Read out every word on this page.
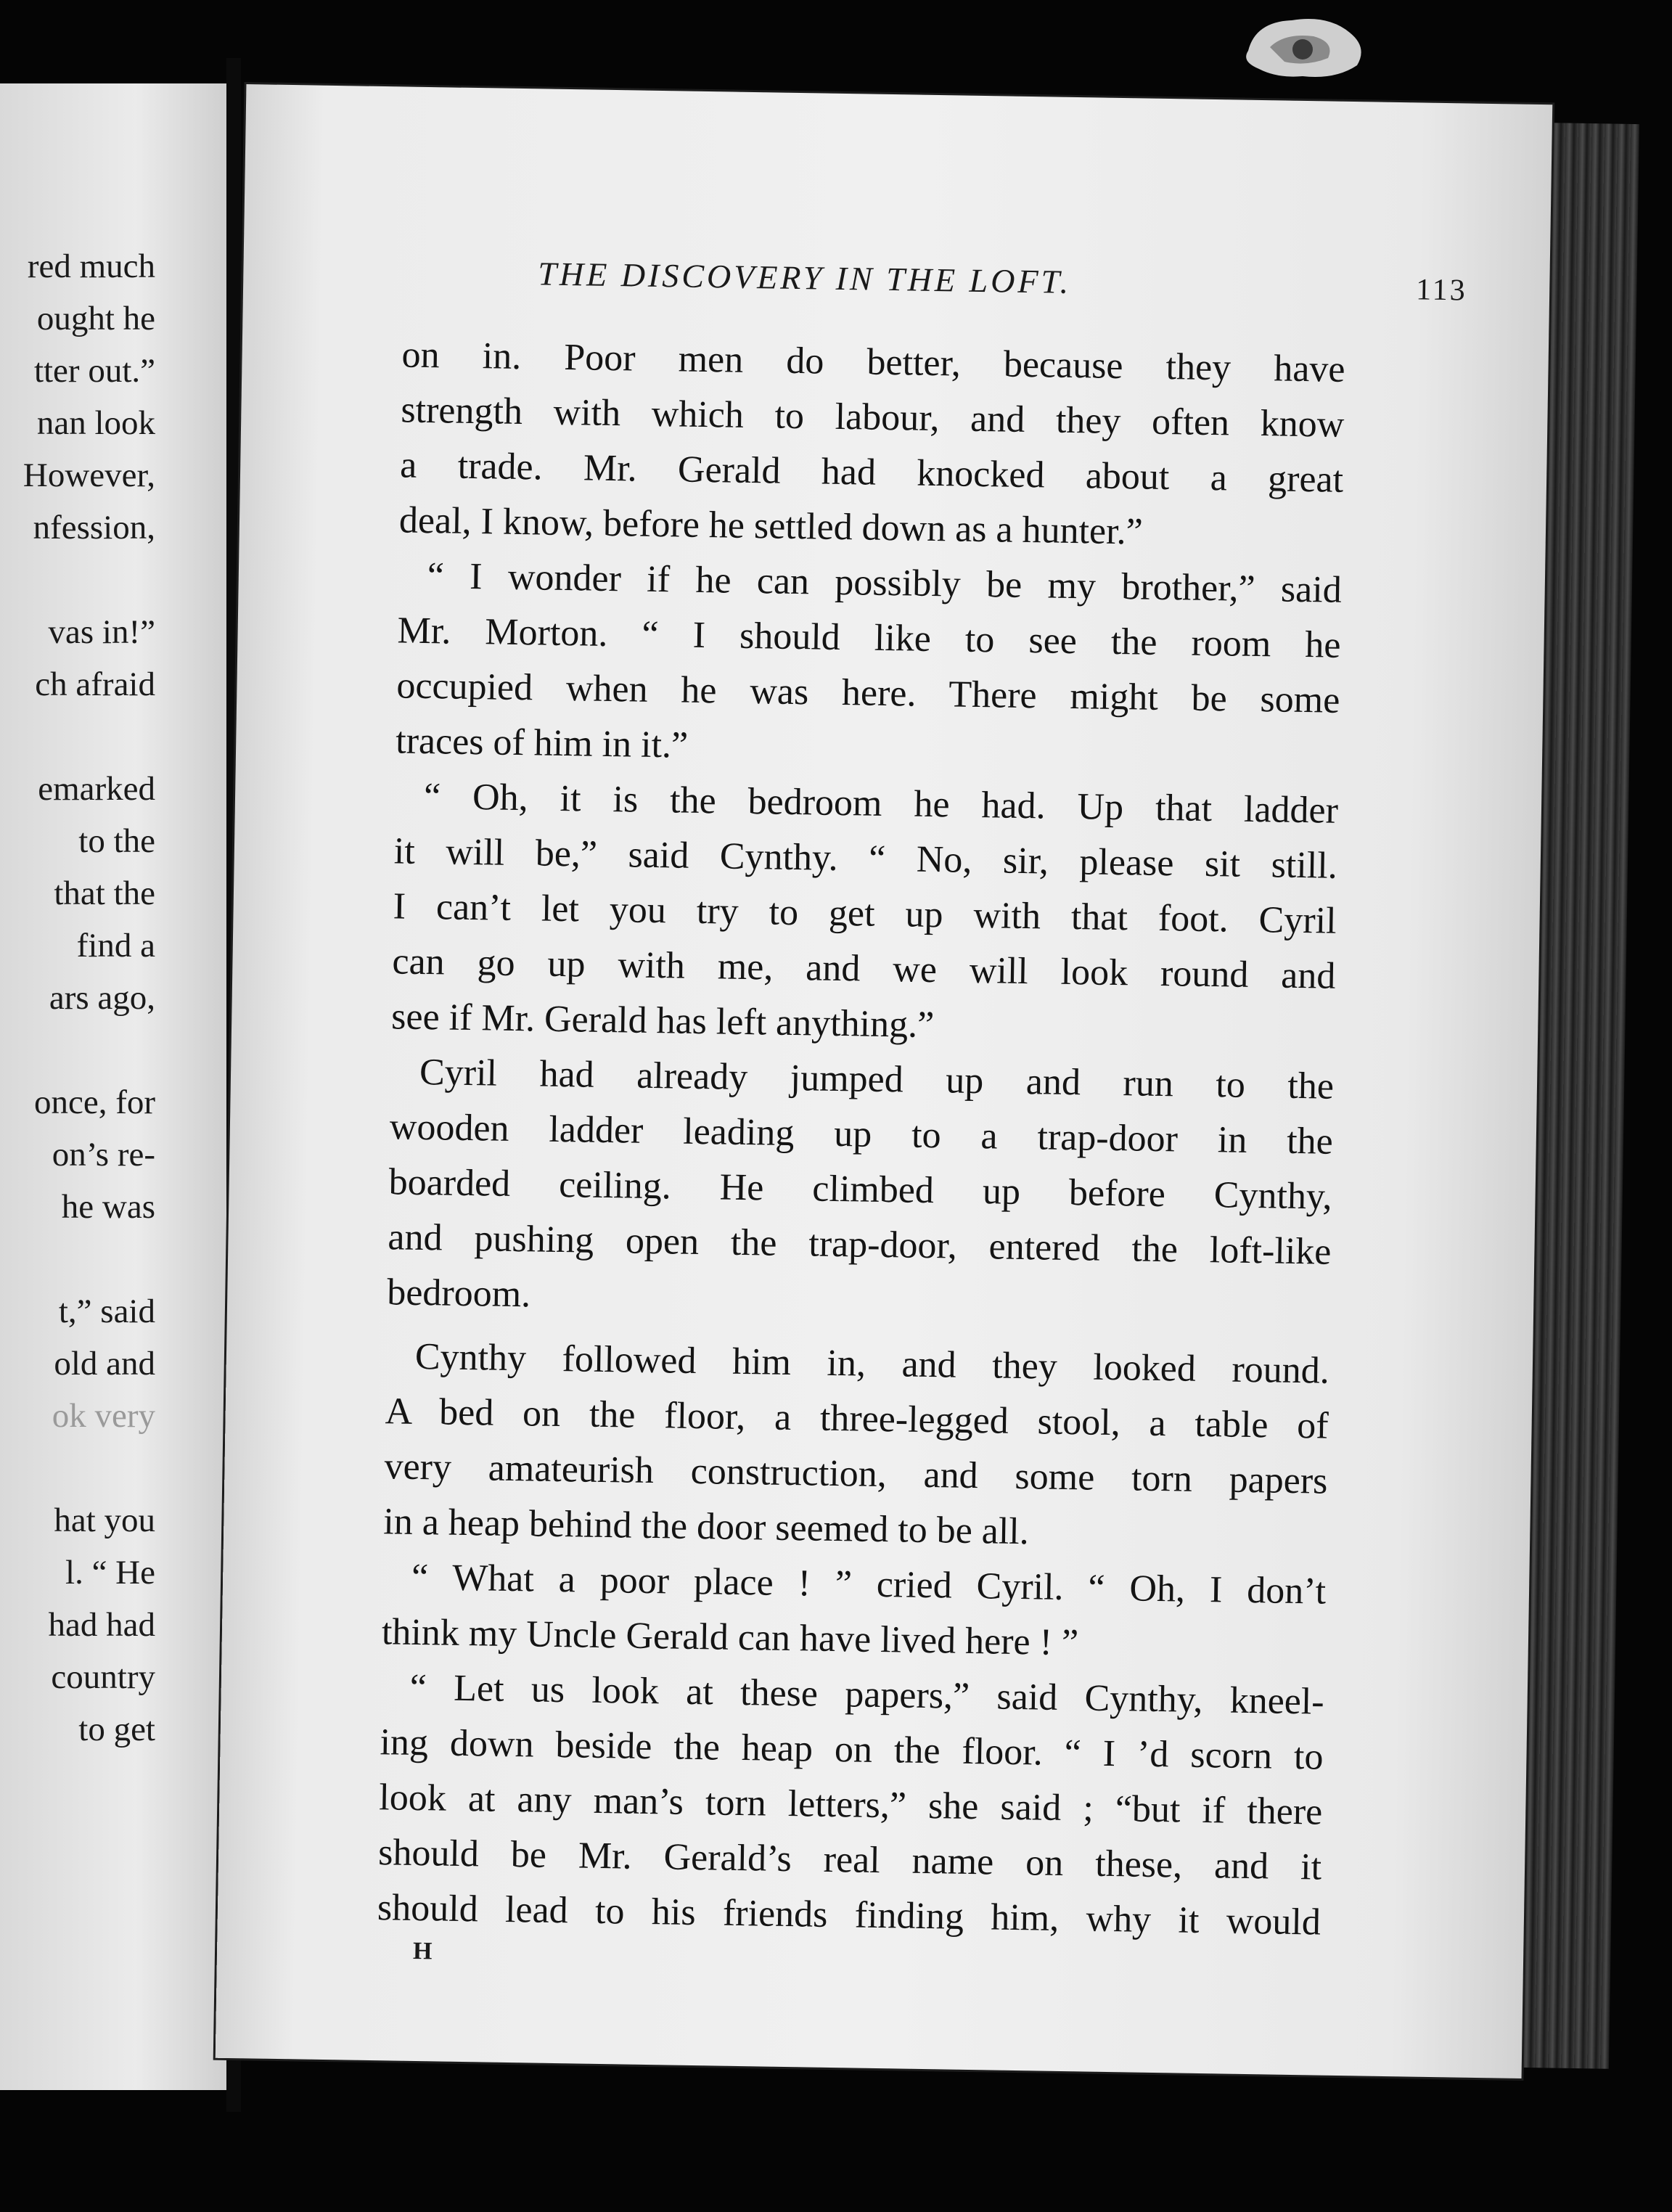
red much
ought he
tter out.”
nan look
However,
nfession,
vas in!”
ch afraid
emarked
to the
that the
find a
ars ago,
once, for
on’s re-
he was
t,” said
old and
ok very
hat you
l. “ He
had had
country
to get
THE DISCOVERY IN THE LOFT.	113
on in. Poor men do better, because they have
strength with which to labour, and they often know
a trade. Mr. Gerald had knocked about a great
deal, I know, before he settled down as a hunter.”
“ I wonder if he can possibly be my brother,” said
Mr. Morton. “ I should like to see the room he
occupied when he was here. There might be some
traces of him in it.”
“ Oh, it is the bedroom he had. Up that ladder
it will be,” said Cynthy. “ No, sir, please sit still.
I can’t let you try to get up with that foot. Cyril
can go up with me, and we will look round and
see if Mr. Gerald has left anything.”
Cyril had already jumped up and run to the
wooden ladder leading up to a trap-door in the
boarded ceiling. He climbed up before Cynthy,
and pushing open the trap-door, entered the loft-like
bedroom.
Cynthy followed him in, and they looked round.
A bed on the floor, a three-legged stool, a table of
very amateurish construction, and some torn papers
in a heap behind the door seemed to be all.
“ What a poor place ! ” cried Cyril. “ Oh, I don’t
think my Uncle Gerald can have lived here ! ”
“ Let us look at these papers,” said Cynthy, kneel-
ing down beside the heap on the floor. “ I ’d scorn to
look at any man’s torn letters,” she said ; “but if there
should be Mr. Gerald’s real name on these, and it
should lead to his friends finding him, why it would
H
